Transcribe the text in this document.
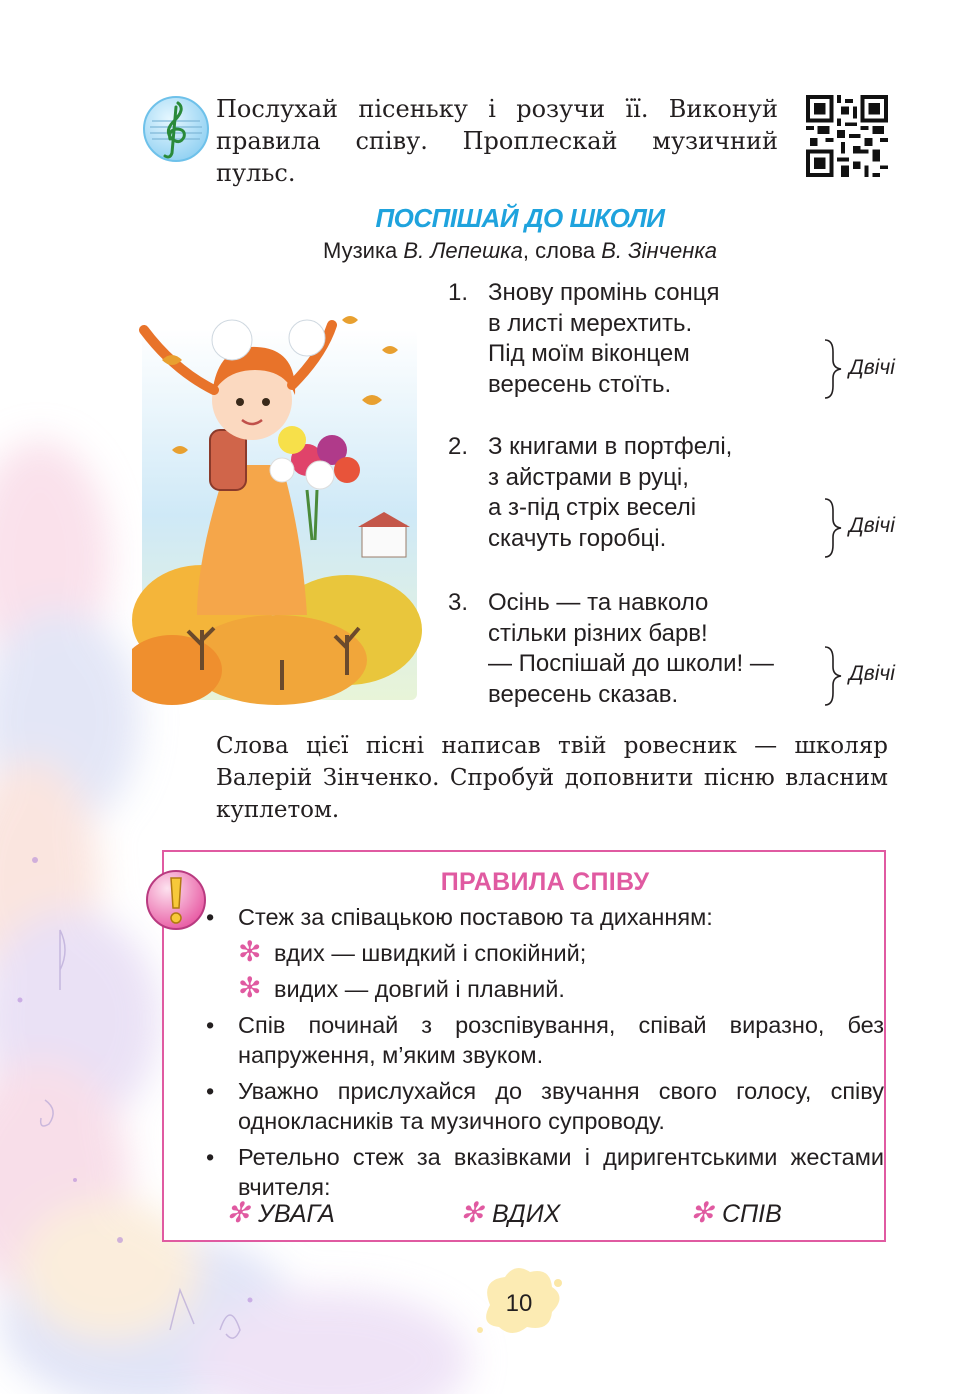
Послухай пісеньку і розучи її. Виконуй правила співу. Проплескай музичний пульс.
ПОСПІШАЙ ДО ШКОЛИ
Музика В. Лепешка, слова В. Зінченка
1. Знову промінь сонця
в листі мерехтить.
Під моїм віконцем
вересень стоїть.
Двічі
2. З книгами в портфелі,
з айстрами в руці,
а з-під стріх веселі
скачуть горобці.	Двічі
3. Осінь — та навколо
стільки різних барв!
— Поспішай до школи! —
вересень сказав.
Двічі
Слова цієї пісні написав твій ровесник — школяр Валерій Зінченко. Спробуй доповнити пісню власним куплетом.
ПРАВИЛА СПІВУ
• Стеж за співацькою поставою та диханням:
✻ вдих — швидкий і спокійний;
✻ видих — довгий і плавний.
• Спів починай з розспівування, співай виразно, без напруження, м’яким звуком.
• Уважно прислухайся до звучання свого голосу, співу однокласників та музичного супроводу.
• Ретельно стеж за вказівками і диригентськими жестами вчителя:
✻ УВАГА	✻ ВДИХ	✻ СПІВ
10
